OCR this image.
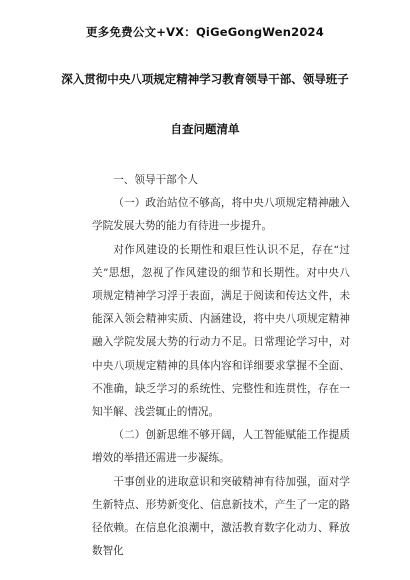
更多免费公文+VX：QiGeGongWen2024
深入贯彻中央八项规定精神学习教育领导干部、领导班子
自查问题清单

一、领导干部个人

（一）政治站位不够高，将中央八项规定精神融入学院发展大势的能力有待进一步提升。

对作风建设的长期性和艰巨性认识不足，存在“过关”思想，忽视了作风建设的细节和长期性。对中央八项规定精神学习浮于表面，满足于阅读和传达文件，未能深入领会精神实质、内涵建设，将中央八项规定精神融入学院发展大势的行动力不足。日常理论学习中，对中央八项规定精神的具体内容和详细要求掌握不全面、不准确，缺乏学习的系统性、完整性和连贯性，存在一知半解、浅尝辄止的情况。

（二）创新思维不够开阔，人工智能赋能工作提质增效的举措还需进一步凝练。

干事创业的进取意识和突破精神有待加强，面对学生新特点、形势新变化、信息新技术，产生了一定的路径依赖。在信息化浪潮中，激活教育数字化动力、释放数智化
